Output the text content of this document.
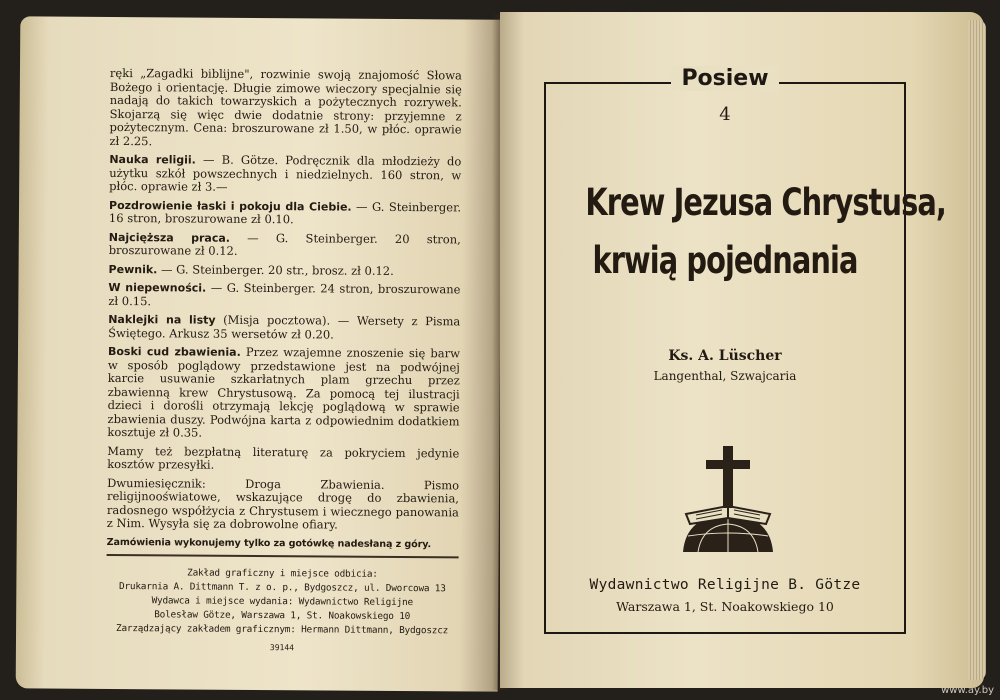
ręki „Zagadki biblijne", rozwinie swoją znajomość Słowa Bożego i orientację. Długie zimowe wieczory specjalnie się nadają do takich towarzyskich a pożytecznych rozrywek. Skojarzą się więc dwie dodatnie strony: przyjemne z pożytecznym. Cena: broszurowane zł 1.50, w płóc. oprawie zł 2.25.

Nauka religii. — B. Götze. Podręcznik dla młodzieży do użytku szkół powszechnych i niedzielnych. 160 stron, w płóc. oprawie zł 3.—

Pozdrowienie łaski i pokoju dla Ciebie. — G. Steinberger. 16 stron, broszurowane zł 0.10.

Najcięższa praca. — G. Steinberger. 20 stron, broszurowane zł 0.12.

Pewnik. — G. Steinberger. 20 str., brosz. zł 0.12.

W niepewności. — G. Steinberger. 24 stron, broszurowane zł 0.15.

Naklejki na listy (Misja pocztowa). — Wersety z Pisma Świętego. Arkusz 35 wersetów zł 0.20.

Boski cud zbawienia. Przez wzajemne znoszenie się barw w sposób poglądowy przedstawione jest na podwójnej karcie usuwanie szkarłatnych plam grzechu przez zbawienną krew Chrystusową. Za pomocą tej ilustracji dzieci i dorośli otrzymają lekcję poglądową w sprawie zbawienia duszy. Podwójna karta z odpowiednim dodatkiem kosztuje zł 0.35.

Mamy też bezpłatną literaturę za pokryciem jedynie kosztów przesyłki.

Dwumiesięcznik: Droga Zbawienia. Pismo religijnooświatowe, wskazujące drogę do zbawienia, radosnego współżycia z Chrystusem i wiecznego panowania z Nim. Wysyła się za dobrowolne ofiary.

Zamówienia wykonujemy tylko za gotówkę nadesłaną z góry.
Zakład graficzny i miejsce odbicia:
Drukarnia A. Dittmann T. z o. p., Bydgoszcz, ul. Dworcowa 13
Wydawca i miejsce wydania: Wydawnictwo Religijne
Bolesław Götze, Warszawa 1, St. Noakowskiego 10
Zarządzający zakładem graficznym: Hermann Dittmann, Bydgoszcz
39144
Posiew
4
Krew Jezusa Chrystusa,
krwią pojednania
Ks. A. Lüscher
Langenthal, Szwajcaria
Wydawnictwo Religijne B. Götze
Warszawa 1, St. Noakowskiego 10
www.ay.by
